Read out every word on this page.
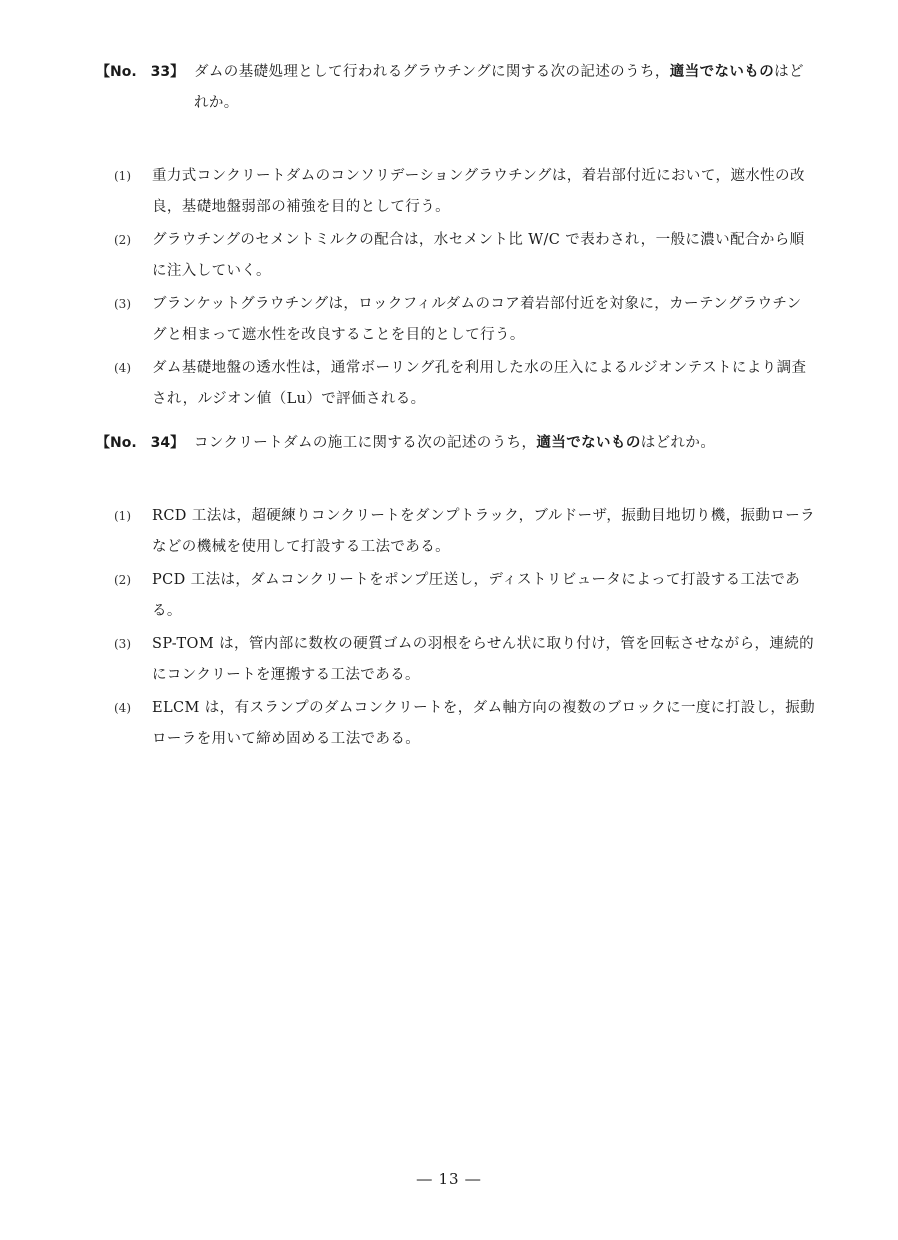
【No. 33】 ダムの基礎処理として行われるグラウチングに関する次の記述のうち，適当でないものはどれか。
(1)	重力式コンクリートダムのコンソリデーショングラウチングは，着岩部付近において，遮水性の改良，基礎地盤弱部の補強を目的として行う。
(2)	グラウチングのセメントミルクの配合は，水セメント比 W/C で表わされ，一般に濃い配合から順に注入していく。
(3)	ブランケットグラウチングは，ロックフィルダムのコア着岩部付近を対象に，カーテングラウチングと相まって遮水性を改良することを目的として行う。
(4)	ダム基礎地盤の透水性は，通常ボーリング孔を利用した水の圧入によるルジオンテストにより調査され，ルジオン値（Lu）で評価される。
【No. 34】 コンクリートダムの施工に関する次の記述のうち，適当でないものはどれか。
(1)	RCD 工法は，超硬練りコンクリートをダンプトラック，ブルドーザ，振動目地切り機，振動ローラなどの機械を使用して打設する工法である。
(2)	PCD 工法は，ダムコンクリートをポンプ圧送し，ディストリビュータによって打設する工法である。
(3)	SP-TOM は，管内部に数枚の硬質ゴムの羽根をらせん状に取り付け，管を回転させながら，連続的にコンクリートを運搬する工法である。
(4)	ELCM は，有スランプのダムコンクリートを，ダム軸方向の複数のブロックに一度に打設し，振動ローラを用いて締め固める工法である。
― 13 ―
